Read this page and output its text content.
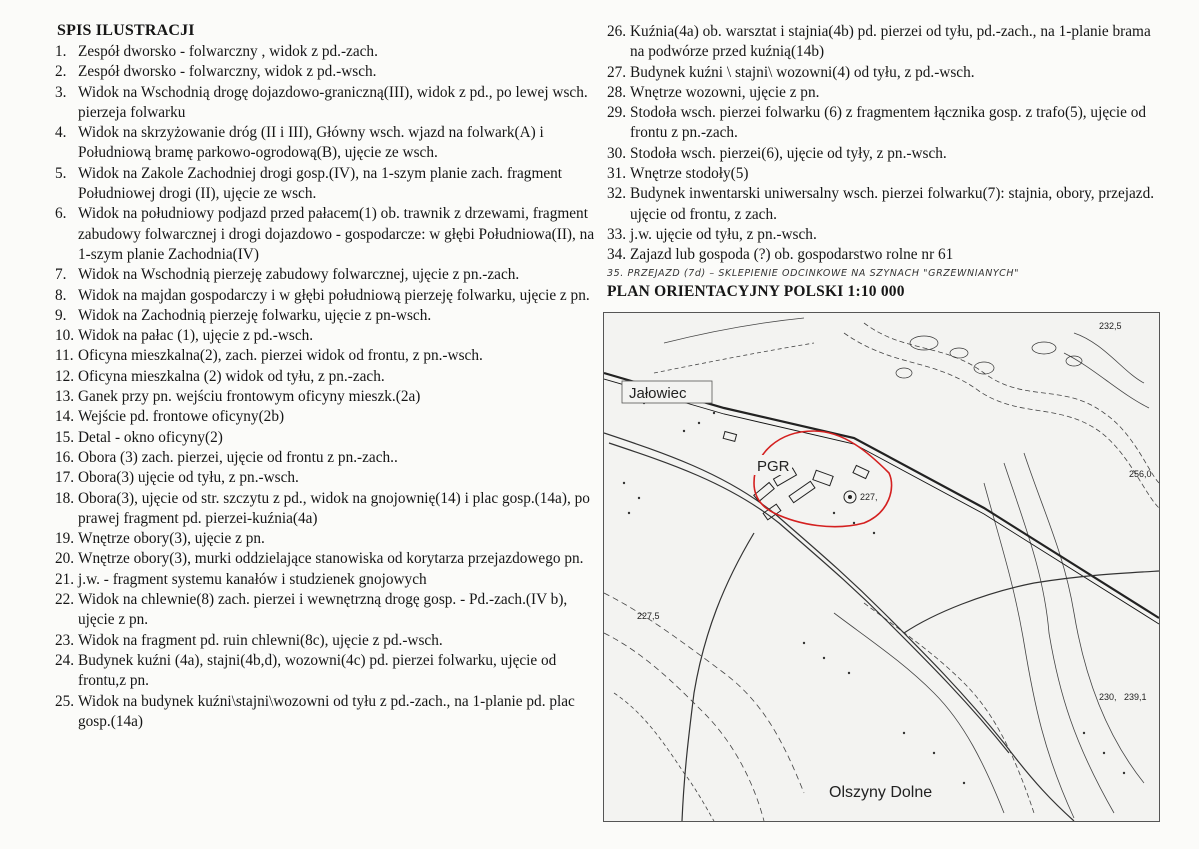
SPIS ILUSTRACJI
1. Zespół dworsko - folwarczny , widok z pd.-zach.
2. Zespół dworsko - folwarczny, widok z pd.-wsch.
3. Widok na Wschodnią drogę dojazdowo-graniczną(III), widok z pd., po lewej wsch. pierzeja folwarku
4. Widok na skrzyżowanie dróg (II i III), Główny wsch. wjazd na folwark(A) i Południową bramę parkowo-ogrodową(B), ujęcie ze wsch.
5. Widok na Zakole Zachodniej drogi gosp.(IV), na 1-szym planie zach. fragment Południowej drogi (II), ujęcie ze wsch.
6. Widok na południowy podjazd przed pałacem(1) ob. trawnik z drzewami, fragment zabudowy folwarcznej i drogi dojazdowo - gospodarcze: w głębi Południowa(II), na 1-szym planie Zachodnia(IV)
7. Widok na Wschodnią pierzeję zabudowy folwarcznej, ujęcie z pn.-zach.
8. Widok na majdan gospodarczy i w głębi południową pierzeję folwarku, ujęcie z pn.
9. Widok na Zachodnią pierzeję folwarku, ujęcie z pn-wsch.
10. Widok na pałac (1), ujęcie z pd.-wsch.
11. Oficyna mieszkalna(2), zach. pierzei widok od frontu, z pn.-wsch.
12. Oficyna mieszkalna (2) widok od tyłu, z pn.-zach.
13. Ganek przy pn. wejściu frontowym oficyny mieszk.(2a)
14. Wejście pd. frontowe oficyny(2b)
15. Detal - okno oficyny(2)
16. Obora (3) zach. pierzei, ujęcie od frontu z pn.-zach..
17. Obora(3) ujęcie od tyłu, z pn.-wsch.
18. Obora(3), ujęcie od str. szczytu z pd., widok na gnojownię(14) i plac gosp.(14a), po prawej fragment pd. pierzei-kuźnia(4a)
19. Wnętrze obory(3), ujęcie z pn.
20. Wnętrze obory(3), murki oddzielające stanowiska od korytarza przejazdowego pn.
21. j.w. - fragment systemu kanałów i studzienek gnojowych
22. Widok na chlewnie(8) zach. pierzei i wewnętrzną drogę gosp. - Pd.-zach.(IV b), ujęcie z pn.
23. Widok na fragment pd. ruin chlewni(8c), ujęcie z pd.-wsch.
24. Budynek kuźni (4a), stajni(4b,d), wozowni(4c) pd. pierzei folwarku, ujęcie od frontu,z pn.
25. Widok na budynek kuźni\stajni\wozowni od tyłu z pd.-zach., na 1-planie pd. plac gosp.(14a)
26. Kuźnia(4a) ob. warsztat i stajnia(4b) pd. pierzei od tyłu, pd.-zach., na 1-planie brama na podwórze przed kuźnią(14b)
27. Budynek kuźni \ stajni\ wozowni(4) od tyłu, z pd.-wsch.
28. Wnętrze wozowni, ujęcie z pn.
29. Stodoła wsch. pierzei folwarku (6) z fragmentem łącznika gosp. z trafo(5), ujęcie od frontu z pn.-zach.
30. Stodoła wsch. pierzei(6), ujęcie od tyły, z pn.-wsch.
31. Wnętrze stodoły(5)
32. Budynek inwentarski uniwersalny wsch. pierzei folwarku(7): stajnia, obory, przejazd. ujęcie od frontu, z zach.
33. j.w. ujęcie od tyłu, z pn.-wsch.
34. Zajazd lub gospoda (?) ob. gospodarstwo rolne nr 61
35. PRZEJAZD (7d) – SKLEPIENIE ODCINKOWE NA SZYNACH "GRZEWNIANYCH"
PLAN ORIENTACYJNY POLSKI 1:10 000
Jałowiec
PGR
227,
232,5
256,0
227,5
230, 239,1
Olszyny Dolne
